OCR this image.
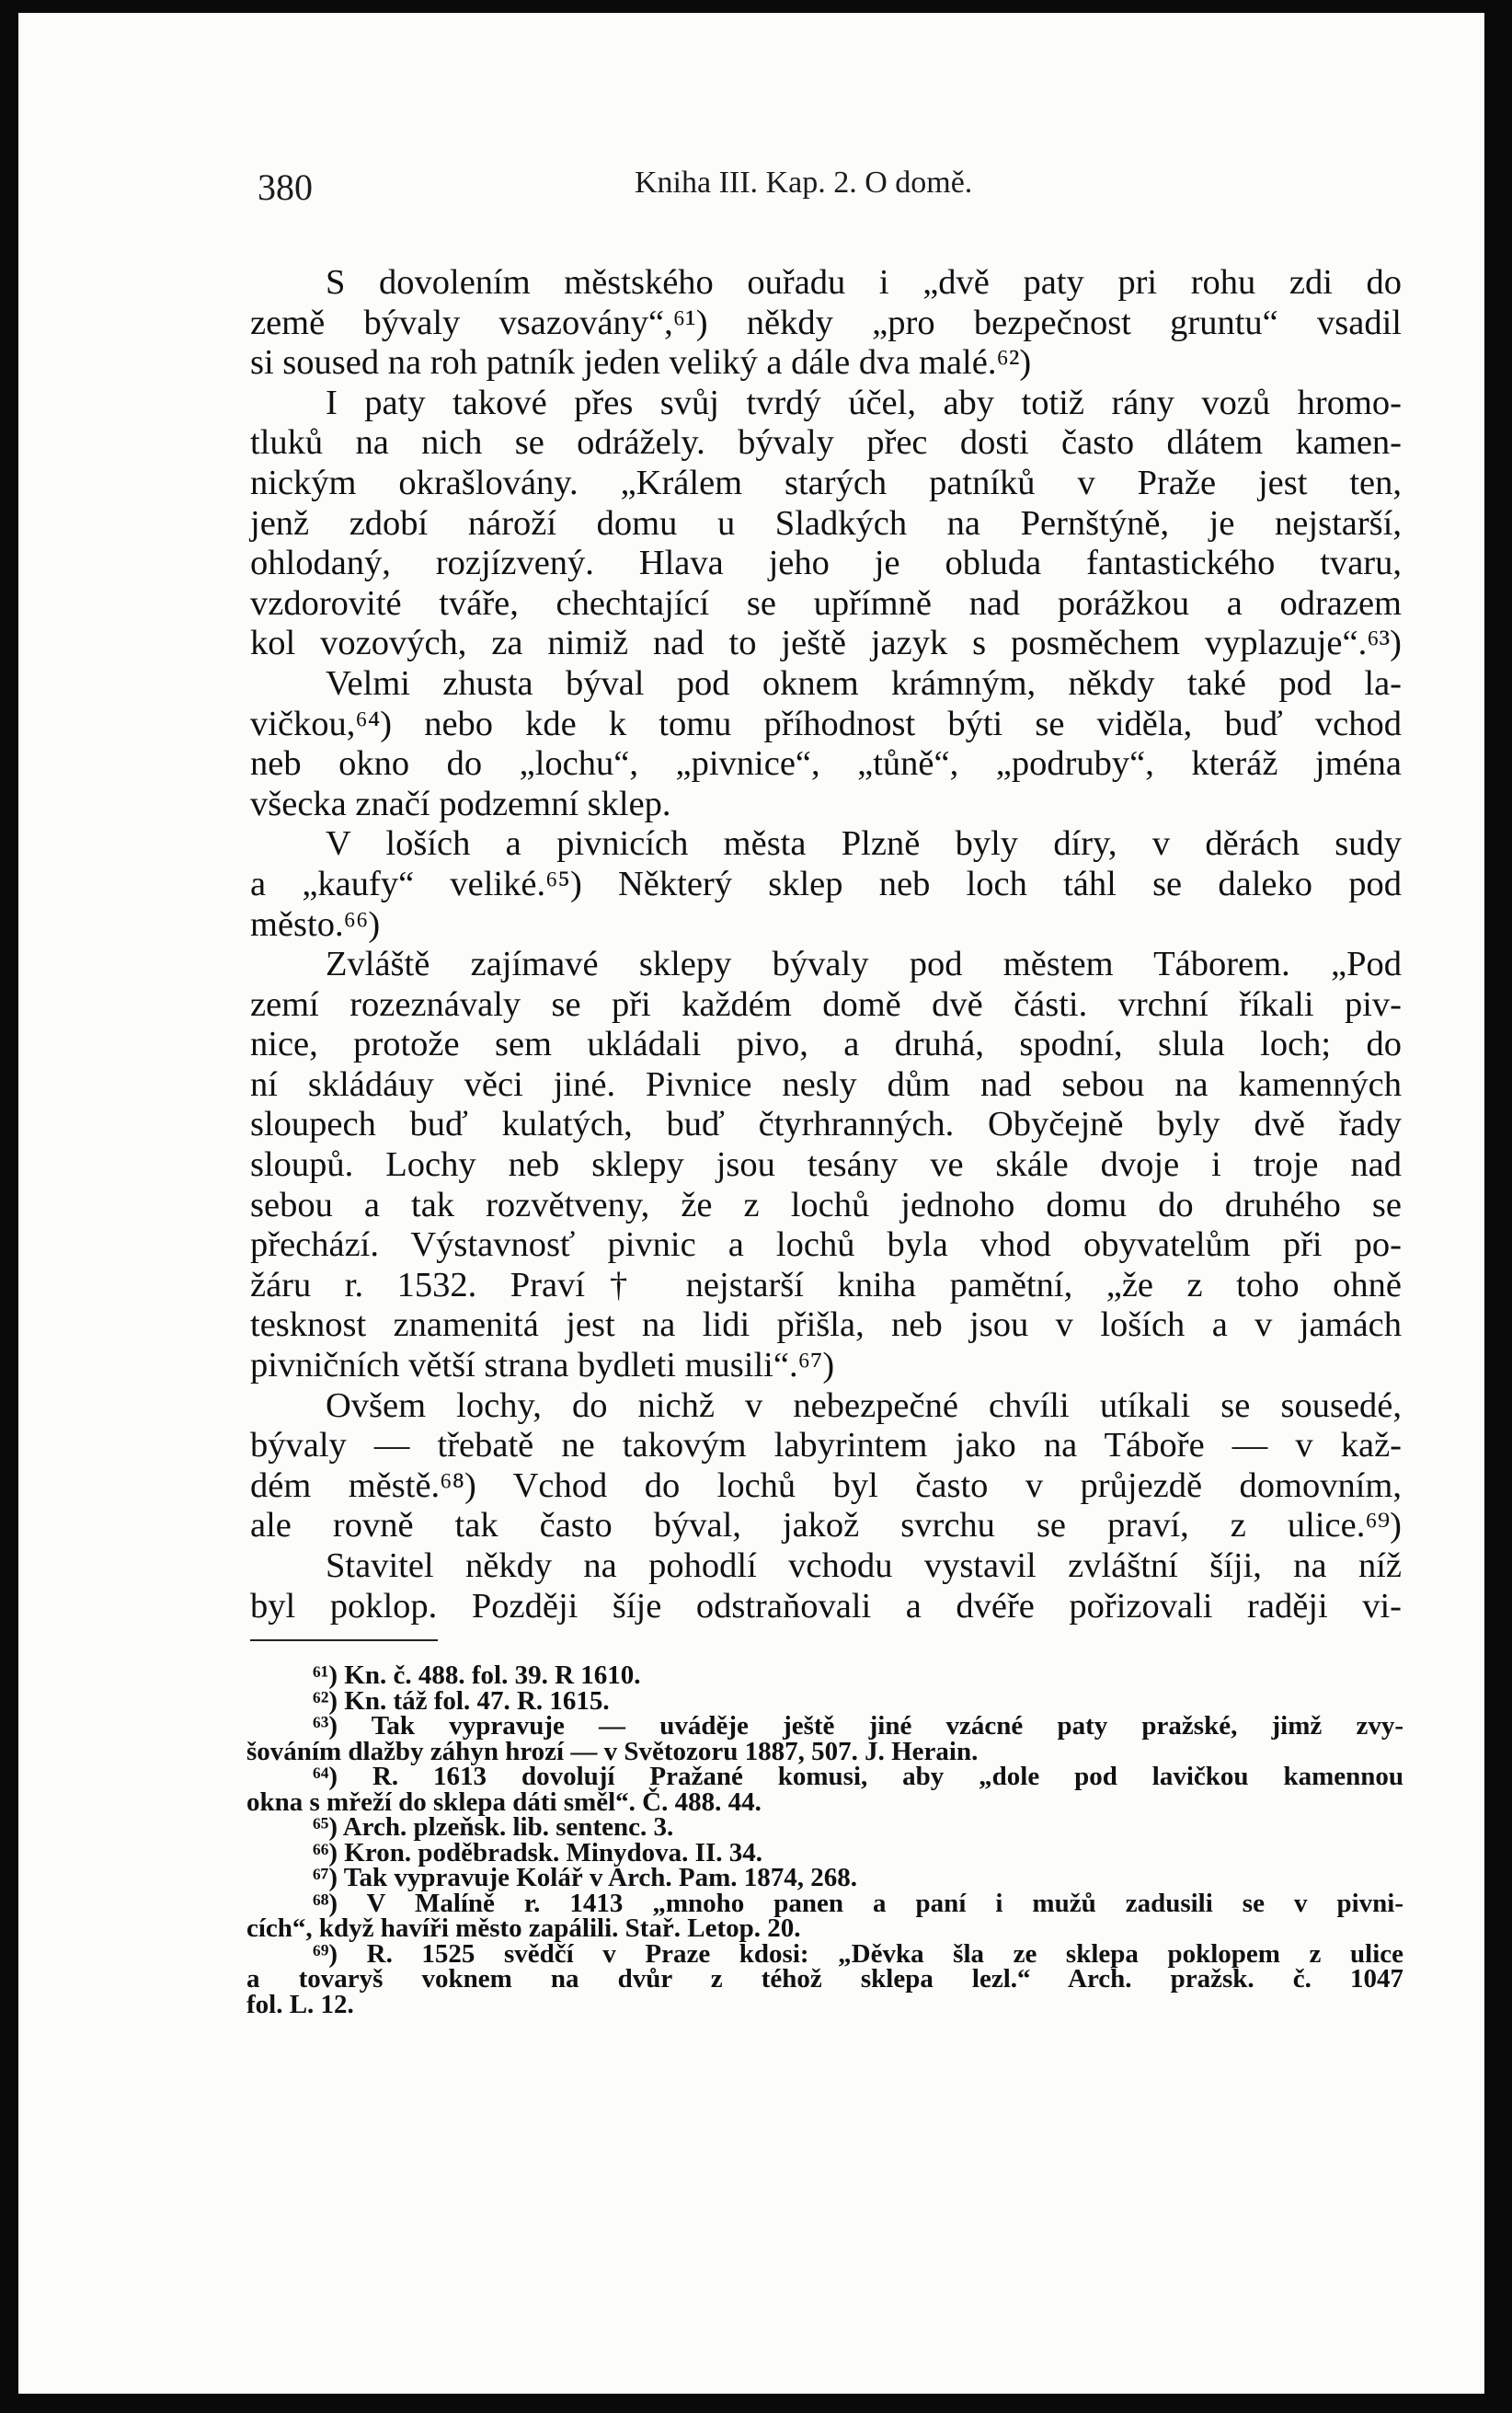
380	Kniha III. Kap. 2. O domě.
S dovolením městského ouřadu i „dvě paty pri rohu zdi do
země bývaly vsazovány“,⁶¹) někdy „pro bezpečnost gruntu“ vsadil
si soused na roh patník jeden veliký a dále dva malé.⁶²)
I paty takové přes svůj tvrdý účel, aby totiž rány vozů hromo-
tluků na nich se odrážely. bývaly přec dosti často dlátem kamen-
nickým okrašlovány. „Králem starých patníků v Praže jest ten,
jenž zdobí nároží domu u Sladkých na Pernštýně, je nejstarší,
ohlodaný, rozjízvený. Hlava jeho je obluda fantastického tvaru,
vzdorovité tváře, chechtající se upřímně nad porážkou a odrazem
kol vozových, za nimiž nad to ještě jazyk s posměchem vyplazuje“.⁶³)
Velmi zhusta býval pod oknem krámným, někdy také pod la-
vičkou,⁶⁴) nebo kde k tomu příhodnost býti se viděla, buď vchod
neb okno do „lochu“, „pivnice“, „tůně“, „podruby“, kteráž jména
všecka značí podzemní sklep.
V loších a pivnicích města Plzně byly díry, v děrách sudy
a „kaufy“ veliké.⁶⁵) Některý sklep neb loch táhl se daleko pod
město.⁶⁶)
Zvláště zajímavé sklepy bývaly pod městem Táborem. „Pod
zemí rozeznávaly se při každém domě dvě části. vrchní říkali piv-
nice, protože sem ukládali pivo, a druhá, spodní, slula loch; do
ní skládáuy věci jiné. Pivnice nesly dům nad sebou na kamenných
sloupech buď kulatých, buď čtyrhranných. Obyčejně byly dvě řady
sloupů. Lochy neb sklepy jsou tesány ve skále dvoje i troje nad
sebou a tak rozvětveny, že z lochů jednoho domu do druhého se
přechází. Výstavnosť pivnic a lochů byla vhod obyvatelům při po-
žáru r. 1532. Praví† nejstarší kniha pamětní, „že z toho ohně
tesknost znamenitá jest na lidi přišla, neb jsou v loších a v jamách
pivničních větší strana bydleti musili“.⁶⁷)
Ovšem lochy, do nichž v nebezpečné chvíli utíkali se sousedé,
bývaly — třebatě ne takovým labyrintem jako na Táboře — v kaž-
dém městě.⁶⁸) Vchod do lochů byl často v průjezdě domovním,
ale rovně tak často býval, jakož svrchu se praví, z ulice.⁶⁹)
Stavitel někdy na pohodlí vchodu vystavil zvláštní šíji, na níž
byl poklop. Později šíje odstraňovali a dvéře pořizovali raději vi-
⁶¹) Kn. č. 488. fol. 39. R 1610.
⁶²) Kn. táž fol. 47. R. 1615.
⁶³) Tak vypravuje — uváděje ještě jiné vzácné paty pražské, jimž zvy-
šováním dlažby záhyn hrozí — v Světozoru 1887, 507. J. Herain.
⁶⁴) R. 1613 dovolují Pražané komusi, aby „dole pod lavičkou kamennou
okna s mřeží do sklepa dáti směl“. Č. 488. 44.
⁶⁵) Arch. plzeňsk. lib. sentenc. 3.
⁶⁶) Kron. poděbradsk. Minydova. II. 34.
⁶⁷) Tak vypravuje Kolář v Arch. Pam. 1874, 268.
⁶⁸) V Malíně r. 1413 „mnoho panen a paní i mužů zadusili se v pivni-
cích“, když havíři město zapálili. Stař. Letop. 20.
⁶⁹) R. 1525 svědčí v Praze kdosi: „Děvka šla ze sklepa poklopem z ulice
a tovaryš voknem na dvůr z téhož sklepa lezl.“ Arch. pražsk. č. 1047
fol. L. 12.
